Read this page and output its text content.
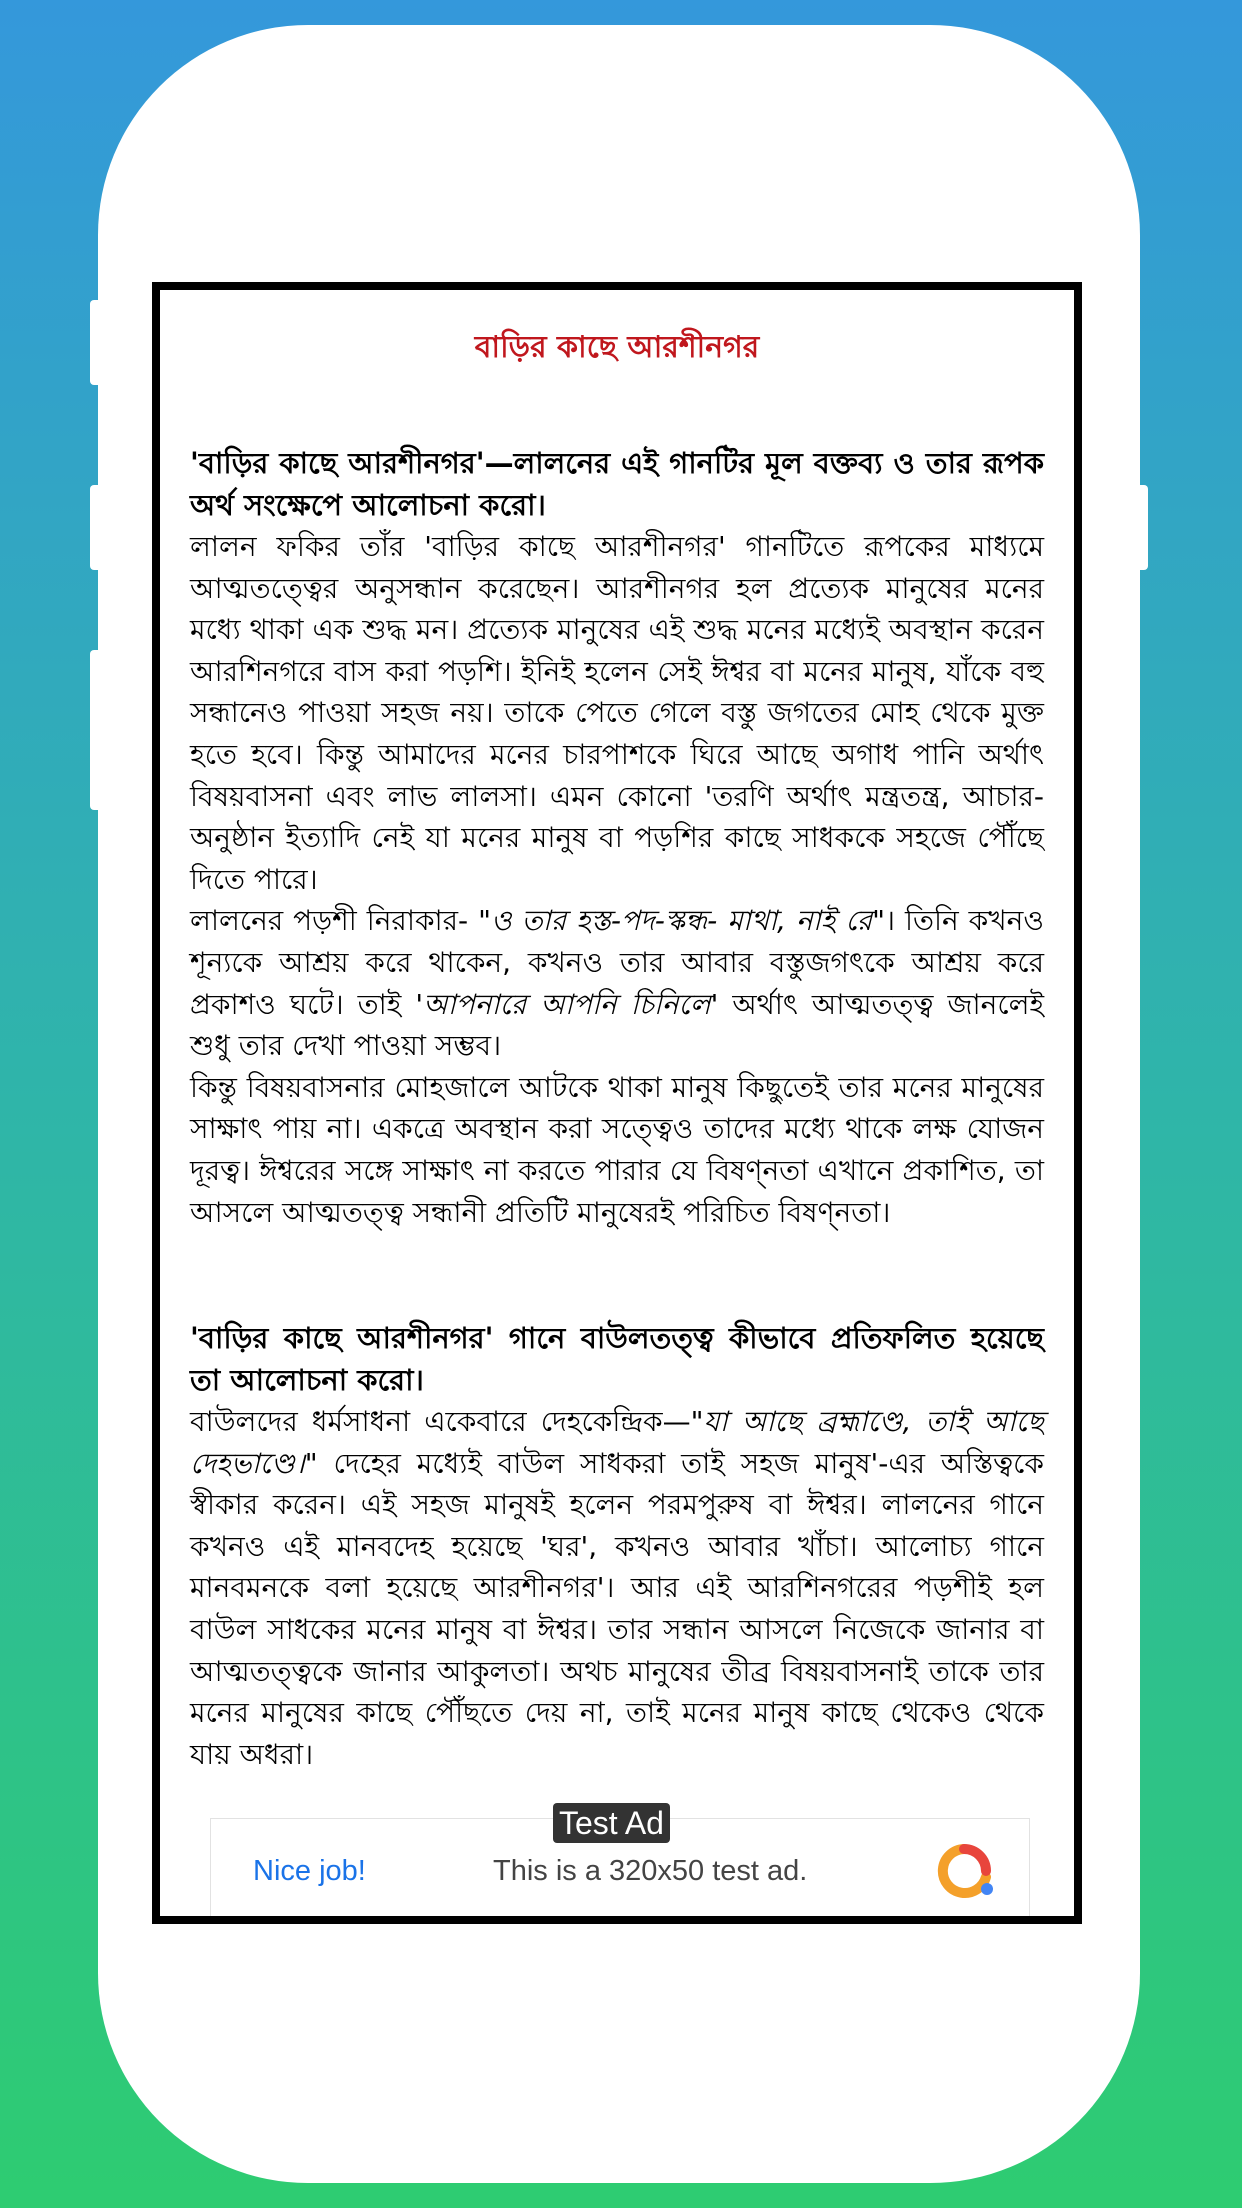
বাড়ির কাছে আরশীনগর
'বাড়ির কাছে আরশীনগর'—লালনের এই গানটির মূল বক্তব্য ও তার রূপক অর্থ সংক্ষেপে আলোচনা করো।

লালন ফকির তাঁর 'বাড়ির কাছে আরশীনগর' গানটিতে রূপকের মাধ্যমে আত্মতত্ত্বের অনুসন্ধান করেছেন। আরশীনগর হল প্রত্যেক মানুষের মনের মধ্যে থাকা এক শুদ্ধ মন। প্রত্যেক মানুষের এই শুদ্ধ মনের মধ্যেই অবস্থান করেন আরশিনগরে বাস করা পড়শি। ইনিই হলেন সেই ঈশ্বর বা মনের মানুষ, যাঁকে বহু সন্ধানেও পাওয়া সহজ নয়। তাকে পেতে গেলে বস্তু জগতের মোহ থেকে মুক্ত হতে হবে। কিন্তু আমাদের মনের চারপাশকে ঘিরে আছে অগাধ পানি অর্থাৎ বিষয়বাসনা এবং লাভ লালসা। এমন কোনো 'তরণি অর্থাৎ মন্ত্রতন্ত্র, আচার-অনুষ্ঠান ইত্যাদি নেই যা মনের মানুষ বা পড়শির কাছে সাধককে সহজে পৌঁছে দিতে পারে।

লালনের পড়শী নিরাকার- "ও তার হস্ত-পদ-স্কন্ধ- মাথা, নাই রে"। তিনি কখনও শূন্যকে আশ্রয় করে থাকেন, কখনও তার আবার বস্তুজগৎকে আশ্রয় করে প্রকাশও ঘটে। তাই 'আপনারে আপনি চিনিলে' অর্থাৎ আত্মতত্ত্ব জানলেই শুধু তার দেখা পাওয়া সম্ভব।

কিন্তু বিষয়বাসনার মোহজালে আটকে থাকা মানুষ কিছুতেই তার মনের মানুষের সাক্ষাৎ পায় না। একত্রে অবস্থান করা সত্ত্বেও তাদের মধ্যে থাকে লক্ষ যোজন দূরত্ব। ঈশ্বরের সঙ্গে সাক্ষাৎ না করতে পারার যে বিষণ্নতা এখানে প্রকাশিত, তা আসলে আত্মতত্ত্ব সন্ধানী প্রতিটি মানুষেরই পরিচিত বিষণ্নতা।

'বাড়ির কাছে আরশীনগর' গানে বাউলতত্ত্ব কীভাবে প্রতিফলিত হয়েছে তা আলোচনা করো।

বাউলদের ধর্মসাধনা একেবারে দেহকেন্দ্রিক—"যা আছে ব্রহ্মাণ্ডে, তাই আছে দেহভাণ্ডে।" দেহের মধ্যেই বাউল সাধকরা তাই সহজ মানুষ'-এর অস্তিত্বকে স্বীকার করেন। এই সহজ মানুষই হলেন পরমপুরুষ বা ঈশ্বর। লালনের গানে কখনও এই মানবদেহ হয়েছে 'ঘর', কখনও আবার খাঁচা। আলোচ্য গানে মানবমনকে বলা হয়েছে আরশীনগর'। আর এই আরশিনগরের পড়শীই হল বাউল সাধকের মনের মানুষ বা ঈশ্বর। তার সন্ধান আসলে নিজেকে জানার বা আত্মতত্ত্বকে জানার আকুলতা। অথচ মানুষের তীব্র বিষয়বাসনাই তাকে তার মনের মানুষের কাছে পৌঁছতে দেয় না, তাই মনের মানুষ কাছে থেকেও থেকে যায় অধরা।

Test Ad
Nice job!	This is a 320x50 test ad.
